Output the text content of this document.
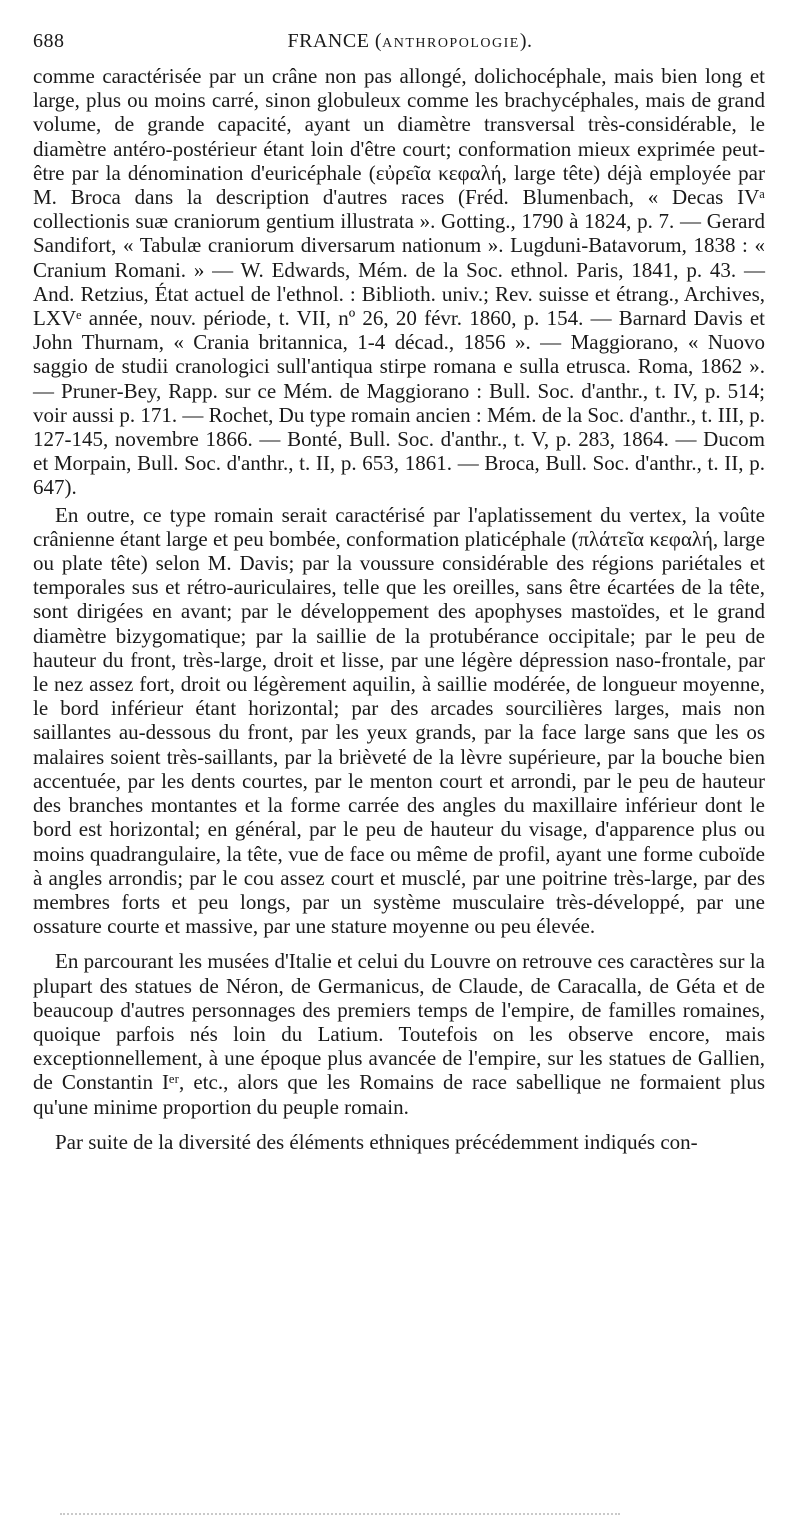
688	FRANCE (ANTHROPOLOGIE).

comme caractérisée par un crâne non pas allongé, dolichocéphale, mais bien long et large, plus ou moins carré, sinon globuleux comme les brachycéphales, mais de grand volume, de grande capacité, ayant un diamètre transversal très-considérable, le diamètre antéro-postérieur étant loin d'être court; conformation mieux exprimée peut-être par la dénomination d'euricéphale (εὐρεῖα κεφαλή, large tête) déjà employée par M. Broca dans la description d'autres races (Fréd. Blumenbach, « Decas IVᵃ collectionis suæ craniorum gentium illustrata ». Gotting., 1790 à 1824, p. 7. — Gerard Sandifort, « Tabulæ craniorum diversarum nationum ». Lugduni-Batavorum, 1838 : « Cranium Romani. » — W. Edwards, Mém. de la Soc. ethnol. Paris, 1841, p. 43. — And. Retzius, État actuel de l'ethnol. : Biblioth. univ.; Rev. suisse et étrang., Archives, LXVᵉ année, nouv. période, t. VII, nº 26, 20 févr. 1860, p. 154. — Barnard Davis et John Thurnam, « Crania britannica, 1-4 décad., 1856 ». — Maggiorano, « Nuovo saggio de studii cranologici sull'antiqua stirpe romana e sulla etrusca. Roma, 1862 ». — Pruner-Bey, Rapp. sur ce Mém. de Maggiorano : Bull. Soc. d'anthr., t. IV, p. 514; voir aussi p. 171. — Rochet, Du type romain ancien : Mém. de la Soc. d'anthr., t. III, p. 127-145, novembre 1866. — Bonté, Bull. Soc. d'anthr., t. V, p. 283, 1864. — Ducom et Morpain, Bull. Soc. d'anthr., t. II, p. 653, 1861. — Broca, Bull. Soc. d'anthr., t. II, p. 647).

En outre, ce type romain serait caractérisé par l'aplatissement du vertex, la voûte crânienne étant large et peu bombée, conformation platicéphale (πλάτεῖα κεφαλή, large ou plate tête) selon M. Davis; par la voussure considérable des régions pariétales et temporales sus et rétro-auriculaires, telle que les oreilles, sans être écartées de la tête, sont dirigées en avant; par le développement des apophyses mastoïdes, et le grand diamètre bizygomatique; par la saillie de la protubérance occipitale; par le peu de hauteur du front, très-large, droit et lisse, par une légère dépression naso-frontale, par le nez assez fort, droit ou légèrement aquilin, à saillie modérée, de longueur moyenne, le bord inférieur étant horizontal; par des arcades sourcilières larges, mais non saillantes au-dessous du front, par les yeux grands, par la face large sans que les os malaires soient très-saillants, par la brièveté de la lèvre supérieure, par la bouche bien accentuée, par les dents courtes, par le menton court et arrondi, par le peu de hauteur des branches montantes et la forme carrée des angles du maxillaire inférieur dont le bord est horizontal; en général, par le peu de hauteur du visage, d'apparence plus ou moins quadrangulaire, la tête, vue de face ou même de profil, ayant une forme cuboïde à angles arrondis; par le cou assez court et musclé, par une poitrine très-large, par des membres forts et peu longs, par un système musculaire très-développé, par une ossature courte et massive, par une stature moyenne ou peu élevée.

En parcourant les musées d'Italie et celui du Louvre on retrouve ces caractères sur la plupart des statues de Néron, de Germanicus, de Claude, de Caracalla, de Géta et de beaucoup d'autres personnages des premiers temps de l'empire, de familles romaines, quoique parfois nés loin du Latium. Toutefois on les observe encore, mais exceptionnellement, à une époque plus avancée de l'empire, sur les statues de Gallien, de Constantin Iᵉʳ, etc., alors que les Romains de race sabellique ne formaient plus qu'une minime proportion du peuple romain.

Par suite de la diversité des éléments ethniques précédemment indiqués con-
